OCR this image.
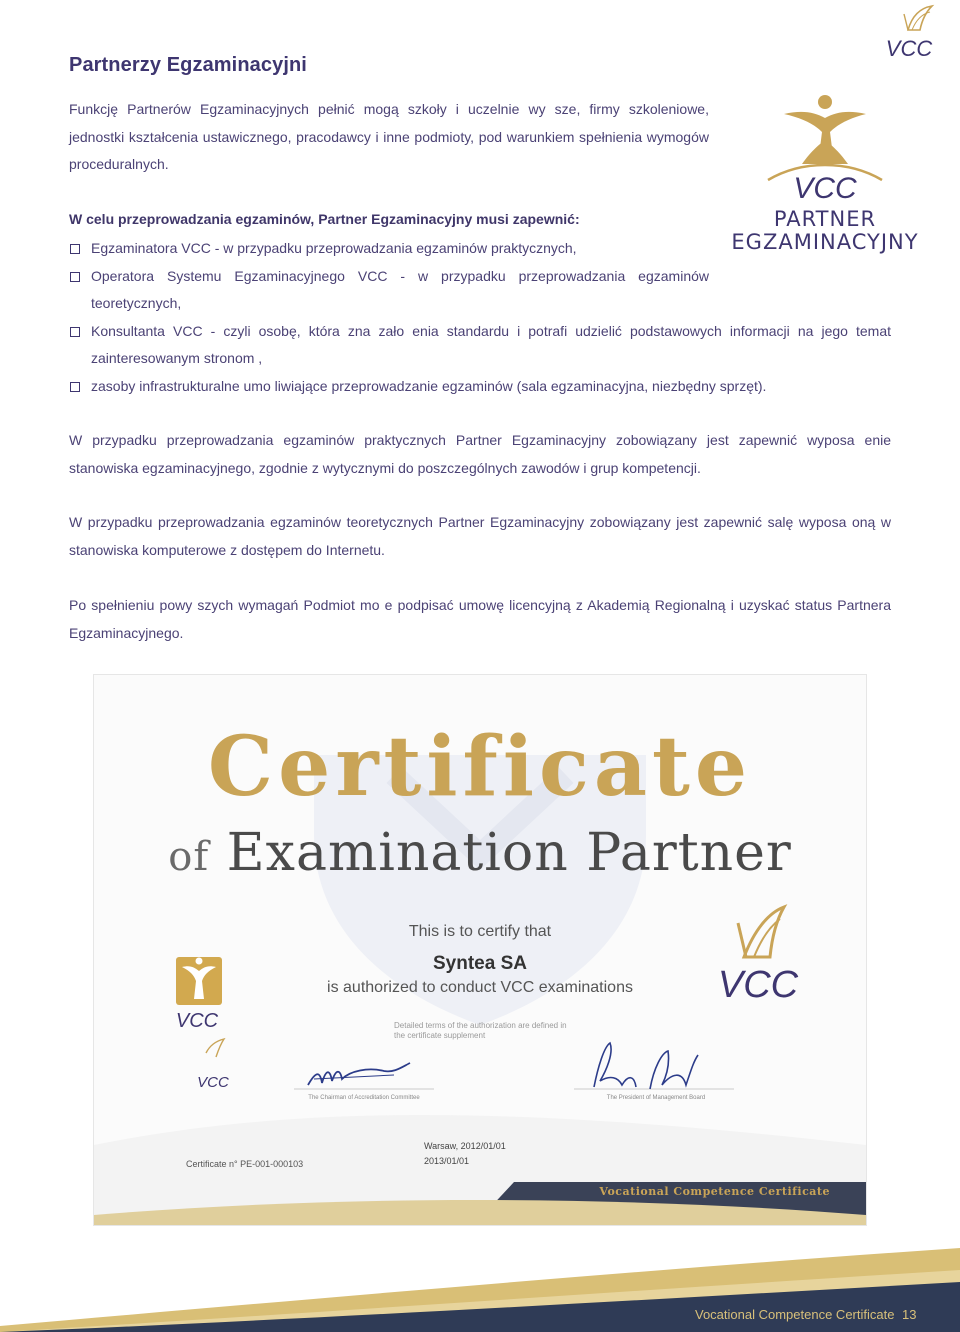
VCC
Partnerzy Egzaminacyjni

Funkcję Partnerów Egzaminacyjnych pełnić mogą szkoły i uczelnie wy sze, firmy szkoleniowe, jednostki kształcenia ustawicznego, pracodawcy i inne podmioty, pod warunkiem spełnienia wymogów proceduralnych.

W celu przeprowadzania egzaminów, Partner Egzaminacyjny musi zapewnić:

Egzaminatora VCC - w przypadku przeprowadzania egzaminów praktycznych,
Operatora Systemu Egzaminacyjnego VCC - w przypadku przeprowadzania egzaminów teoretycznych,
Konsultanta VCC - czyli osobę, która zna zało enia standardu i potrafi udzielić podstawowych informacji na jego temat zainteresowanym stronom ,
zasoby infrastrukturalne umo liwiające przeprowadzanie egzaminów (sala egzaminacyjna, niezbędny sprzęt).

W przypadku przeprowadzania egzaminów praktycznych Partner Egzaminacyjny zobowiązany jest zapewnić wyposa enie stanowiska egzaminacyjnego, zgodnie z wytycznymi do poszczególnych zawodów i grup kompetencji.

W przypadku przeprowadzania egzaminów teoretycznych Partner Egzaminacyjny zobowiązany jest zapewnić salę wyposa oną w stanowiska komputerowe z dostępem do Internetu.

Po spełnieniu powy szych wymagań Podmiot mo e podpisać umowę licencyjną z Akademią Regionalną i uzyskać status Partnera Egzaminacyjnego.

VCC
PARTNER
EGZAMINACYJNY
VCC
VCC
VCC
Certificate
of Examination Partner
This is to certify that
Syntea SA
is authorized to conduct VCC examinations
Detailed terms of the authorization are defined in the certificate supplement
The Chairman of Accreditation Committee	The President of Management Board
Warsaw, 2012/01/01
2013/01/01
Certificate n° PE-001-000103
Vocational Competence Certificate
Vocational Competence Certificate 13
